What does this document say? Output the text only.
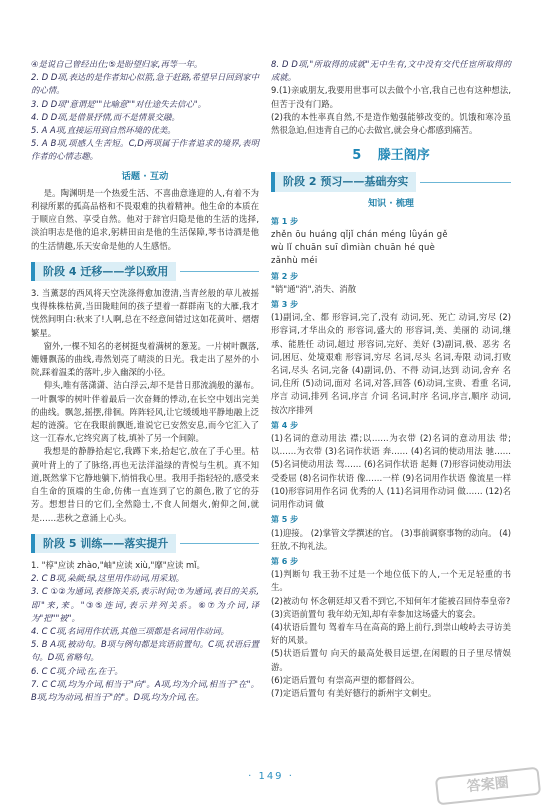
④是说自己曾经出仕;⑤是盼望归家,再等一年。

2. D D项,表达的是作者知心似箭,急于赶路,希望早日回到家中的心情。

3. D D项"意谓是""比喻意""对仕途失去信心"。

4. D D项,是借景抒情,而不是情景交融。

5. A A项,直接运用到自然环境的优美。

5. A B项,项感人生苦短。C,D两项属于作者追求的境界,表明作者的心情志趣。

话题 · 互动

是。陶渊明是一个热爱生活、不喜曲意逢迎的人,有着不为利禄所累的孤高品格和不畏艰难的执着精神。他生命的本质在于顺应自然、享受自然。他对于辞官归隐是他的生活的选择,淡泊明志是他的追求,躬耕田亩是他的生活保障,琴书诗酒是他的生活情趣,乐天安命是他的人生感悟。

阶段 4 迁移——学以致用

3. 当薰瑟的西风将天空洗涤得愈加澄清,当青丝般的草儿被摇曳得株株枯黄,当田陇畦间的孩子望着一群群南飞的大雁,我才恍然间明白:秋来了!人啊,总在不经意间错过这如花黄叶、熠熠繁星。

窗外,一棵不知名的老树挺曳着满树的葱茏。一片树叶飘落,姗姗飘荡的曲线,毒然划亮了晴淡的日光。我走出了屋外的小院,踩着温柔的落叶,步入幽深的小径。

仰头,唯有落潇潇、洁白浮云,却不是昔日那流淌般的瀑布。一叶飘零的树叶伴着最后一次奋舞的悸动,在长空中划出完美的曲线。飘忽,摇摆,徘徊。阵阵轻风,让它缓缓地平静地融上泛起的涟漪。它在我眼前飘逝,谁说它已安然安息,而今它汇入了这一江春水,它终究离了枝,填补了另一个间隙。

我想是的静静拾起它,我蹲下来,拾起它,放在了手心里。枯黄叶背上的了了脉络,再也无法洋溢绿的青悦与生机。真不知道,既然掌下它静地躺下,悄悄我心里。我用手指轻轻的,感受来自生命的顶端的生命,仿佛一直连到了它的颜色,散了它的芬芳。想想昔日的它们,全然隐士,不食人间烟火,俯仰之间,就是……悲秋之意涌上心头。

阶段 5 训练——落实提升

1. "椁"应读 zhào,"岫"应读 xiù,"靡"应读 mǐ。

2. C B项,朵颜;绿,这里用作动词,用采划。

3. C ①②为通词,表修饰关系,表示时间;⑦为通词,表目的关系,即"来,来。"③⑤连词,表示并列关系。⑥⑦为介词,译为"把""被"。

4. C C项,名词用作状语,其他三项都是名词用作动词。

5. B A项,被动句。B项与例句都是宾语前置句。C项,状语后置句。D项,省略句。

6. C C项,介词;在,在于。

7. C C项,均为介词,相当于"向"。A项,均为介词,相当于"在"。B项,均为动词,相当于"的"。D项,均为介词,在。

8. D D项,"所取得的成就"无中生有,文中没有交代任宦所取得的成就。

9.(1)亲戚朋友,我要用世事可以去做个小官,我自己也有这种想法,但苦于没有门路。

(2)我的本性率真自然,不是造作勉强能够改变的。饥饿和寒冷虽然很急迫,但违背自己的心去做官,就会身心都感到痛苦。

5 滕王阁序
阶段 2 预习——基础夯实
知识 · 梳理
第 1 步

zhěn ōu huáng qǐjǐ chán méng lǜyán gě

wù lǐ chuān suī dìmiàn chuān hé què

zǎnhù méi

第 2 步

"销"通"消",消失、消散

第 3 步

(1)副词,全、都 形容词,完了,没有 动词,死、死亡 动词,穷尽 (2)形容词,才华出众的 形容词,盛大的 形容词,美、美丽的 动词,继承、能胜任 动词,超过 形容词,完好、美好 (3)副词,极、恶劣 名词,困厄、处境艰难 形容词,穷尽 名词,尽头 名词,寿限 动词,打败 名词,尽头 名词,完备 (4)副词,仍、不得 动词,达到 动词,舍弃 名词,住所 (5)动词,面对 名词,对答,回答 (6)动词,宝贵、看重 名词,序言 动词,排列 名词,序言 介词 名词,时序 名词,序言,顺序 动词,按次序排列

第 4 步

(1)名词的意动用法 襟;以……为衣带 (2)名词的意动用法 带;以……为衣带 (3)名词作状语 奔…… (4)名词的使动用法 驰…… (5)名词使动用法 驾…… (6)名词作状语 起舞 (7)形容词使动用法 受委屈 (8)名词作状语 像……一样 (9)名词用作状语 像流星一样 (10)形容词用作名词 优秀的人 (11)名词用作动词 做…… (12)名词用作动词 做

第 5 步

(1)迎接。 (2)掌管文学撰述的官。 (3)事前调察事物的动向。 (4)狂放,不拘礼法。

第 6 步

(1)判断句 我王勃不过是一个地位低下的人,一个无足轻重的书生。

(2)被动句 怀念朝廷却又看不到它,不知何年才能被召回侍奉皇帝?

(3)宾语前置句 我年幼无知,却有幸参加这场盛大的宴会。

(4)状语后置句 驾着车马在高高的路上前行,到崇山峻岭去寻访美好的风景。

(5)状语后置句 向天的最高处极目远望,在闲暇的日子里尽情娱游。

(6)定语后置句 有崇高声望的都督阎公。

(7)定语后置句 有美好德行的新州宇文刺史。

· 149 ·	答案圈
